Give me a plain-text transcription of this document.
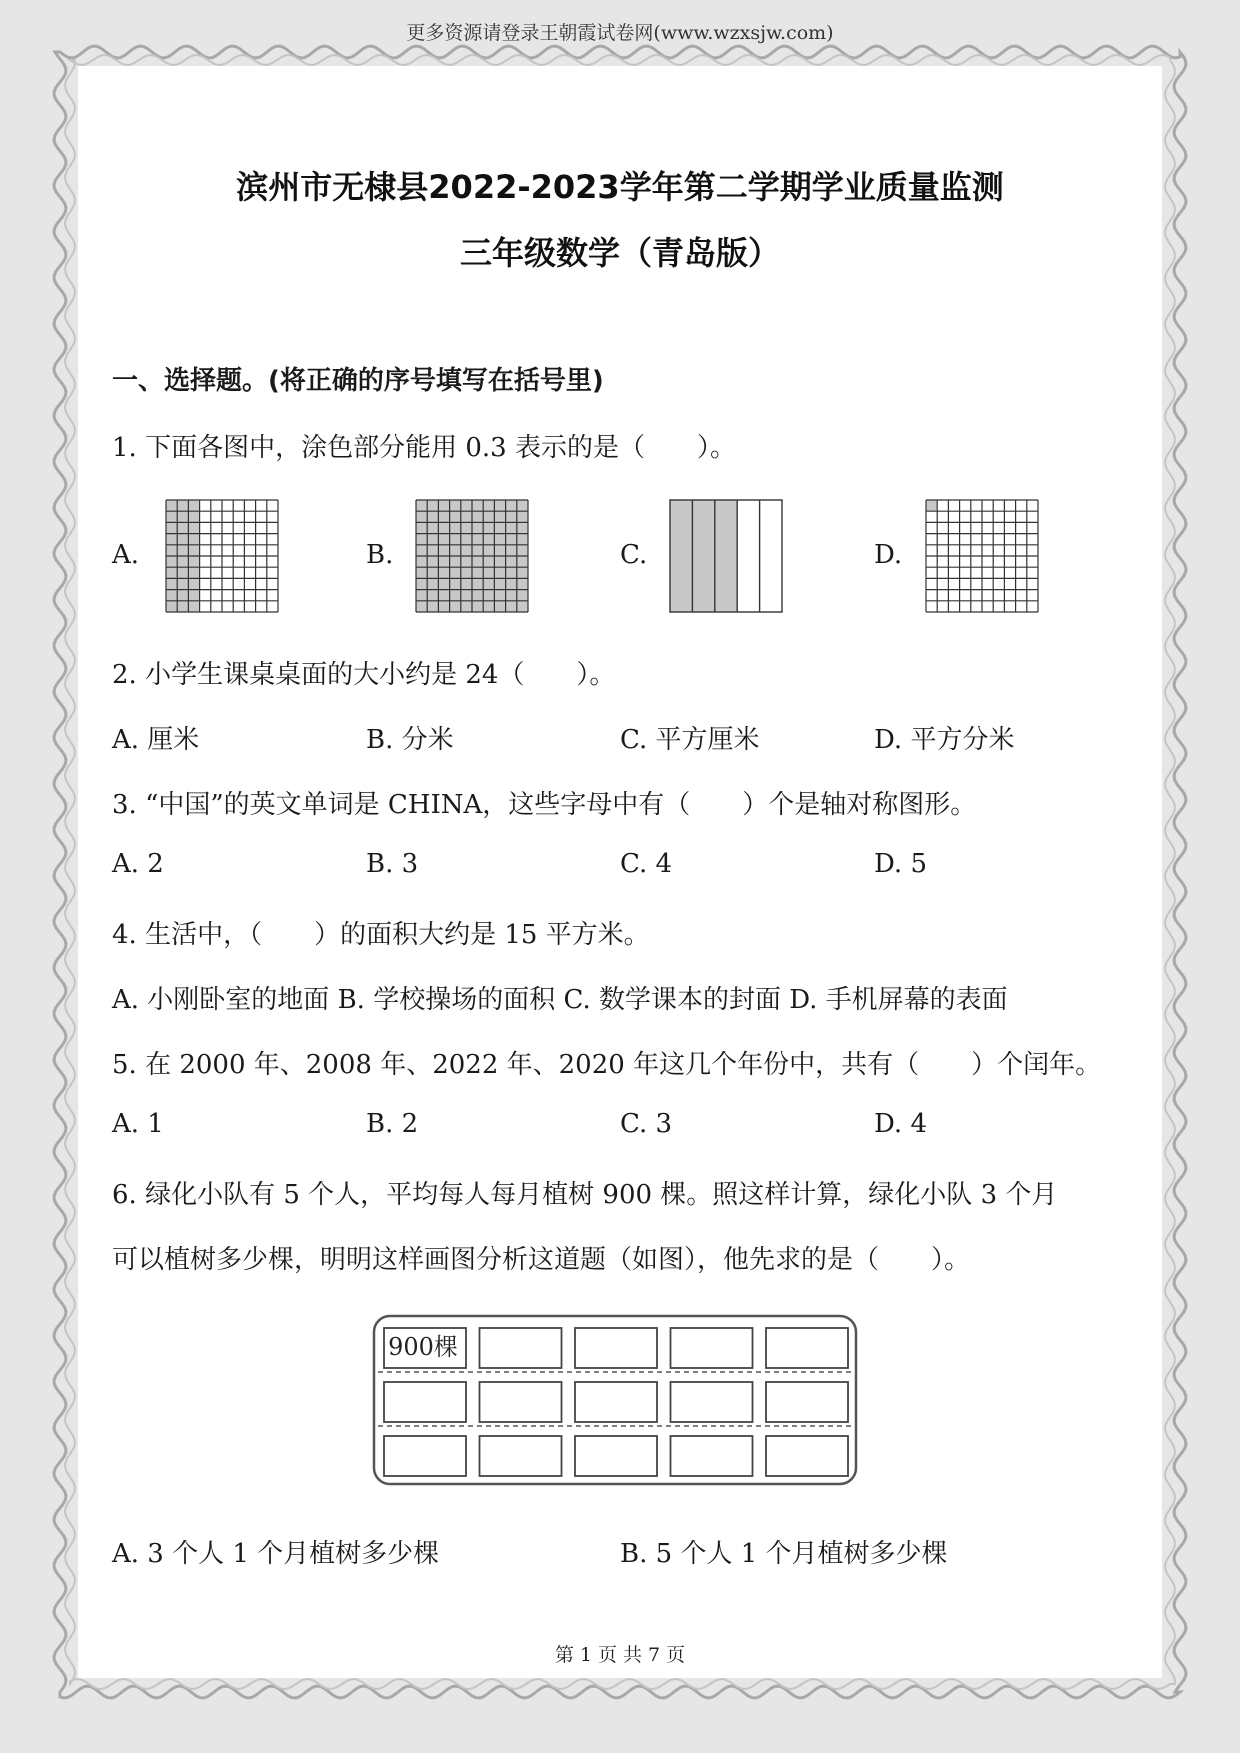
更多资源请登录王朝霞试卷网(www.wzxsjw.com)
滨州市无棣县2022-2023学年第二学期学业质量监测
三年级数学（青岛版）
一、选择题。(将正确的序号填写在括号里)
1. 下面各图中，涂色部分能用 0.3 表示的是（　　）。
A.	B.	C.	D.
2. 小学生课桌桌面的大小约是 24（　　）。
A. 厘米	B. 分米	C. 平方厘米	D. 平方分米
3. “中国”的英文单词是 CHINA，这些字母中有（　　）个是轴对称图形。
A. 2	B. 3	C. 4	D. 5
4. 生活中，（　　）的面积大约是 15 平方米。
A. 小刚卧室的地面 B. 学校操场的面积 C. 数学课本的封面 D. 手机屏幕的表面
5. 在 2000 年、2008 年、2022 年、2020 年这几个年份中，共有（　　）个闰年。
A. 1	B. 2	C. 3	D. 4
6. 绿化小队有 5 个人，平均每人每月植树 900 棵。照这样计算，绿化小队 3 个月
可以植树多少棵，明明这样画图分析这道题（如图），他先求的是（　　）。
900棵
A. 3 个人 1 个月植树多少棵	B. 5 个人 1 个月植树多少棵
第 1 页 共 7 页
